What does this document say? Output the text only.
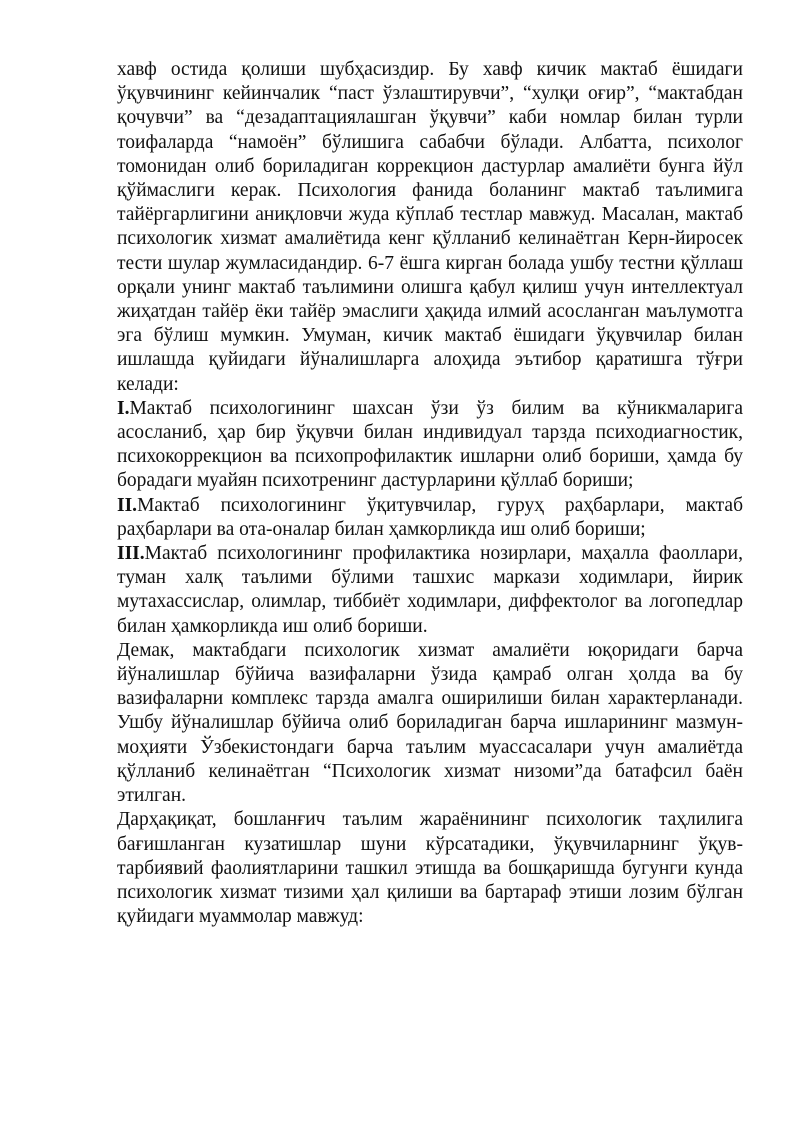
хавф остида қолиши шубҳасиздир. Бу хавф кичик мактаб ёшидаги ўқувчининг кейинчалик “паст ўзлаштирувчи”, “хулқи оғир”, “мактабдан қочувчи” ва “дезадаптациялашган ўқувчи” каби номлар билан турли тоифаларда “намоён” бўлишига сабабчи бўлади. Албатта, психолог томонидан олиб бориладиган коррекцион дастурлар амалиёти бунга йўл қўймаслиги керак. Психология фанида боланинг мактаб таълимига тайёргарлигини аниқловчи жуда кўплаб тестлар мавжуд. Масалан, мактаб психологик хизмат амалиётида кенг қўлланиб келинаётган Керн-йиросек тести шулар жумласидандир. 6-7 ёшга кирган болада ушбу тестни қўллаш орқали унинг мактаб таълимини олишга қабул қилиш учун интеллектуал жиҳатдан тайёр ёки тайёр эмаслиги ҳақида илмий асосланган маълумотга эга бўлиш мумкин. Умуман, кичик мактаб ёшидаги ўқувчилар билан ишлашда қуйидаги йўналишларга алоҳида эътибор қаратишга тўғри келади:

I.Мактаб психологининг шахсан ўзи ўз билим ва кўникмаларига асосланиб, ҳар бир ўқувчи билан индивидуал тарзда психодиагностик, психокоррекцион ва психопрофилактик ишларни олиб бориши, ҳамда бу борадаги муайян психотренинг дастурларини қўллаб бориши;

II.Мактаб психологининг ўқитувчилар, гуруҳ раҳбарлари, мактаб раҳбарлари ва ота-оналар билан ҳамкорликда иш олиб бориши;

III.Мактаб психологининг профилактика нозирлари, маҳалла фаоллари, туман халқ таълими бўлими ташхис маркази ходимлари, йирик мутахассислар, олимлар, тиббиёт ходимлари, диффектолог ва логопедлар билан ҳамкорликда иш олиб бориши.

Демак, мактабдаги психологик хизмат амалиёти юқоридаги барча йўналишлар бўйича вазифаларни ўзида қамраб олган ҳолда ва бу вазифаларни комплекс тарзда амалга оширилиши билан характерланади. Ушбу йўналишлар бўйича олиб бориладиган барча ишларининг мазмун-моҳияти Ўзбекистондаги барча таълим муассасалари учун амалиётда қўлланиб келинаётган “Психологик хизмат низоми”да батафсил баён этилган.

Дарҳақиқат, бошланғич таълим жараёнининг психологик таҳлилига бағишланган кузатишлар шуни кўрсатадики, ўқувчиларнинг ўқув-тарбиявий фаолиятларини ташкил этишда ва бошқаришда бугунги кунда психологик хизмат тизими ҳал қилиши ва бартараф этиши лозим бўлган қуйидаги муаммолар мавжуд:
